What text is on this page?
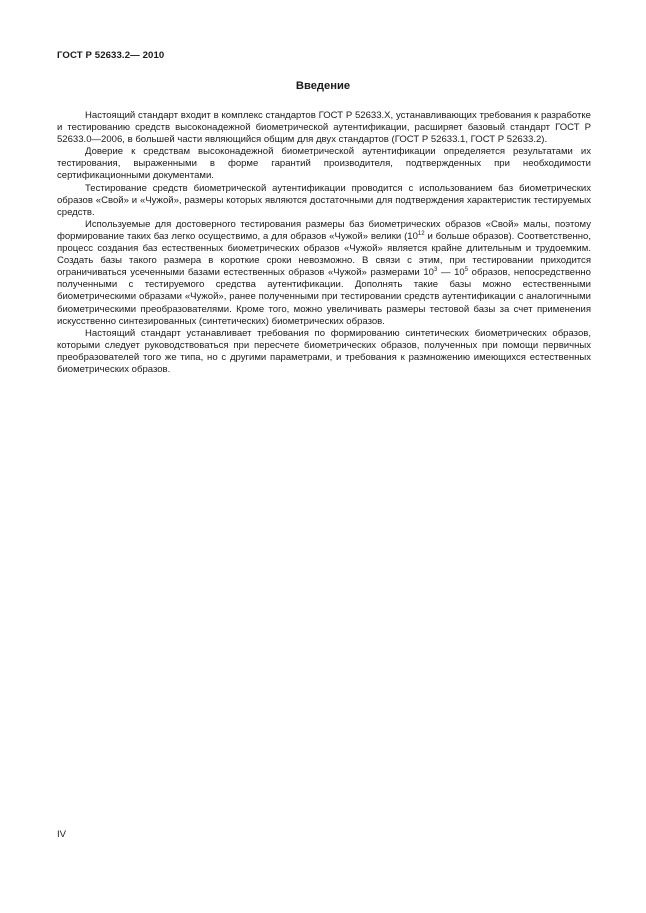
ГОСТ Р 52633.2— 2010
Введение

Настоящий стандарт входит в комплекс стандартов ГОСТ Р 52633.X, устанавливающих требования к разработке и тестированию средств высоконадежной биометрической аутентификации, расширяет базовый стандарт ГОСТ Р 52633.0—2006, в большей части являющийся общим для двух стандартов (ГОСТ Р 52633.1, ГОСТ Р 52633.2).

Доверие к средствам высоконадежной биометрической аутентификации определяется результатами их тестирования, выраженными в форме гарантий производителя, подтвержденных при необходимости сертификационными документами.

Тестирование средств биометрической аутентификации проводится с использованием баз биометрических образов «Свой» и «Чужой», размеры которых являются достаточными для подтверждения характеристик тестируемых средств.

Используемые для достоверного тестирования размеры баз биометрических образов «Свой» малы, поэтому формирование таких баз легко осуществимо, а для образов «Чужой» велики ($10^{12}$ и больше образов). Соответственно, процесс создания баз естественных биометрических образов «Чужой» является крайне длительным и трудоемким. Создать базы такого размера в короткие сроки невозможно. В связи с этим, при тестировании приходится ограничиваться усеченными базами естественных образов «Чужой» размерами $10^3$ — $10^5$ образов, непосредственно полученными с тестируемого средства аутентификации. Дополнять такие базы можно естественными биометрическими образами «Чужой», ранее полученными при тестировании средств аутентификации с аналогичными биометрическими преобразователями. Кроме того, можно увеличивать размеры тестовой базы за счет применения искусственно синтезированных (синтетических) биометрических образов.

Настоящий стандарт устанавливает требования по формированию синтетических биометрических образов, которыми следует руководствоваться при пересчете биометрических образов, полученных при помощи первичных преобразователей того же типа, но с другими параметрами, и требования к размножению имеющихся естественных биометрических образов.

IV
